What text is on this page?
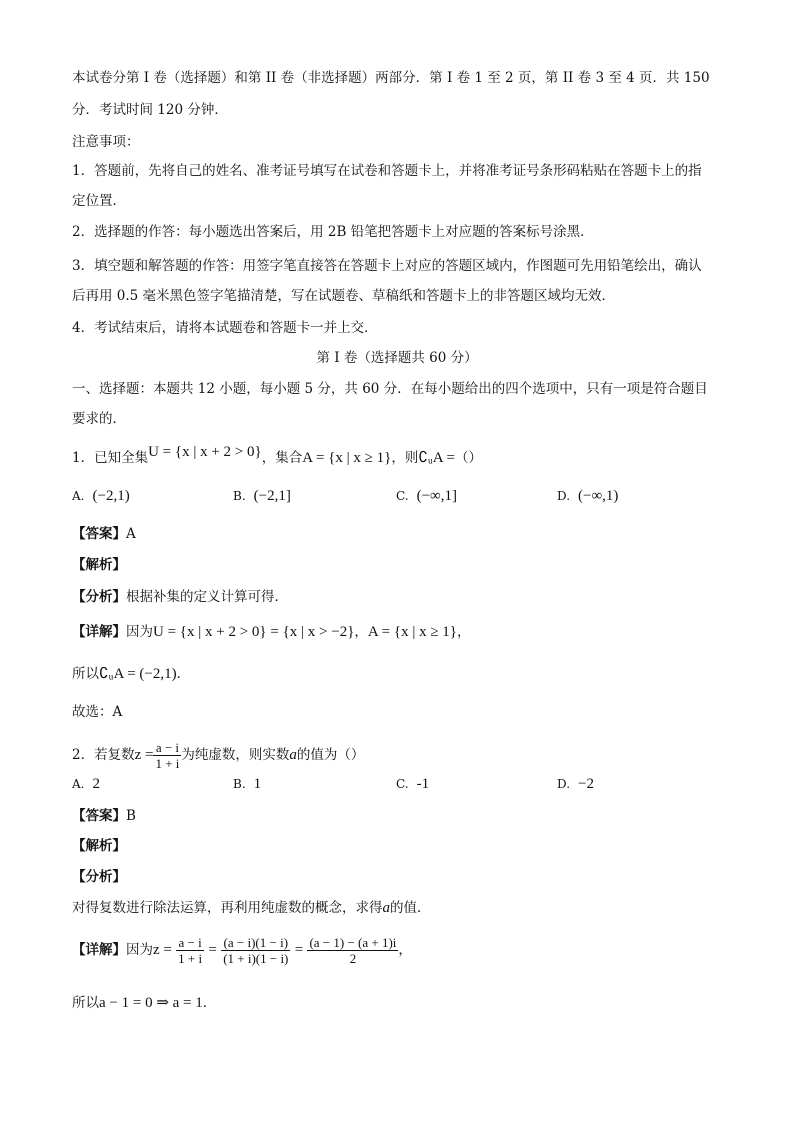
本试卷分第 I 卷（选择题）和第 II 卷（非选择题）两部分．第 I 卷 1 至 2 页，第 II 卷 3 至 4 页．共 150
分．考试时间 120 分钟．
注意事项：
1．答题前，先将自己的姓名、准考证号填写在试卷和答题卡上，并将准考证号条形码粘贴在答题卡上的指
定位置．
2．选择题的作答：每小题选出答案后，用 2B 铅笔把答题卡上对应题的答案标号涂黑．
3．填空题和解答题的作答：用签字笔直接答在答题卡上对应的答题区域内，作图题可先用铅笔绘出，确认
后再用 0.5 毫米黑色签字笔描清楚，写在试题卷、草稿纸和答题卡上的非答题区域均无效．
4．考试结束后，请将本试题卷和答题卡一并上交．
第 I 卷（选择题共 60 分）
一、选择题：本题共 12 小题，每小题 5 分，共 60 分．在每小题给出的四个选项中，只有一项是符合题目
要求的．
1．已知全集U = {x | x + 2 > 0}，集合A = {x | x ≥ 1}，则∁ᵤA =（）
A. (−2,1)	B. (−2,1]	C. (−∞,1]	D. (−∞,1)
【答案】A
【解析】
【分析】根据补集的定义计算可得．
【详解】因为U = {x | x + 2 > 0} = {x | x > −2}，A = {x | x ≥ 1}，
所以∁ᵤA = (−2,1)．
故选：A
2．若复数$z = \frac{a - i}{1 + i}$ 为纯虚数，则实数a的值为（）
A. 2	B. 1	C. -1	D. −2
【答案】B
【解析】
【分析】
对得复数进行除法运算，再利用纯虚数的概念，求得a的值．
【详解】因为$z = \frac{a - i}{1 + i} = \frac{(a - i)(1 - i)}{(1 + i)(1 - i)} = \frac{(a - 1) - (a + 1)i}{2}$ ，
所以a − 1 = 0 ⇒ a = 1．
